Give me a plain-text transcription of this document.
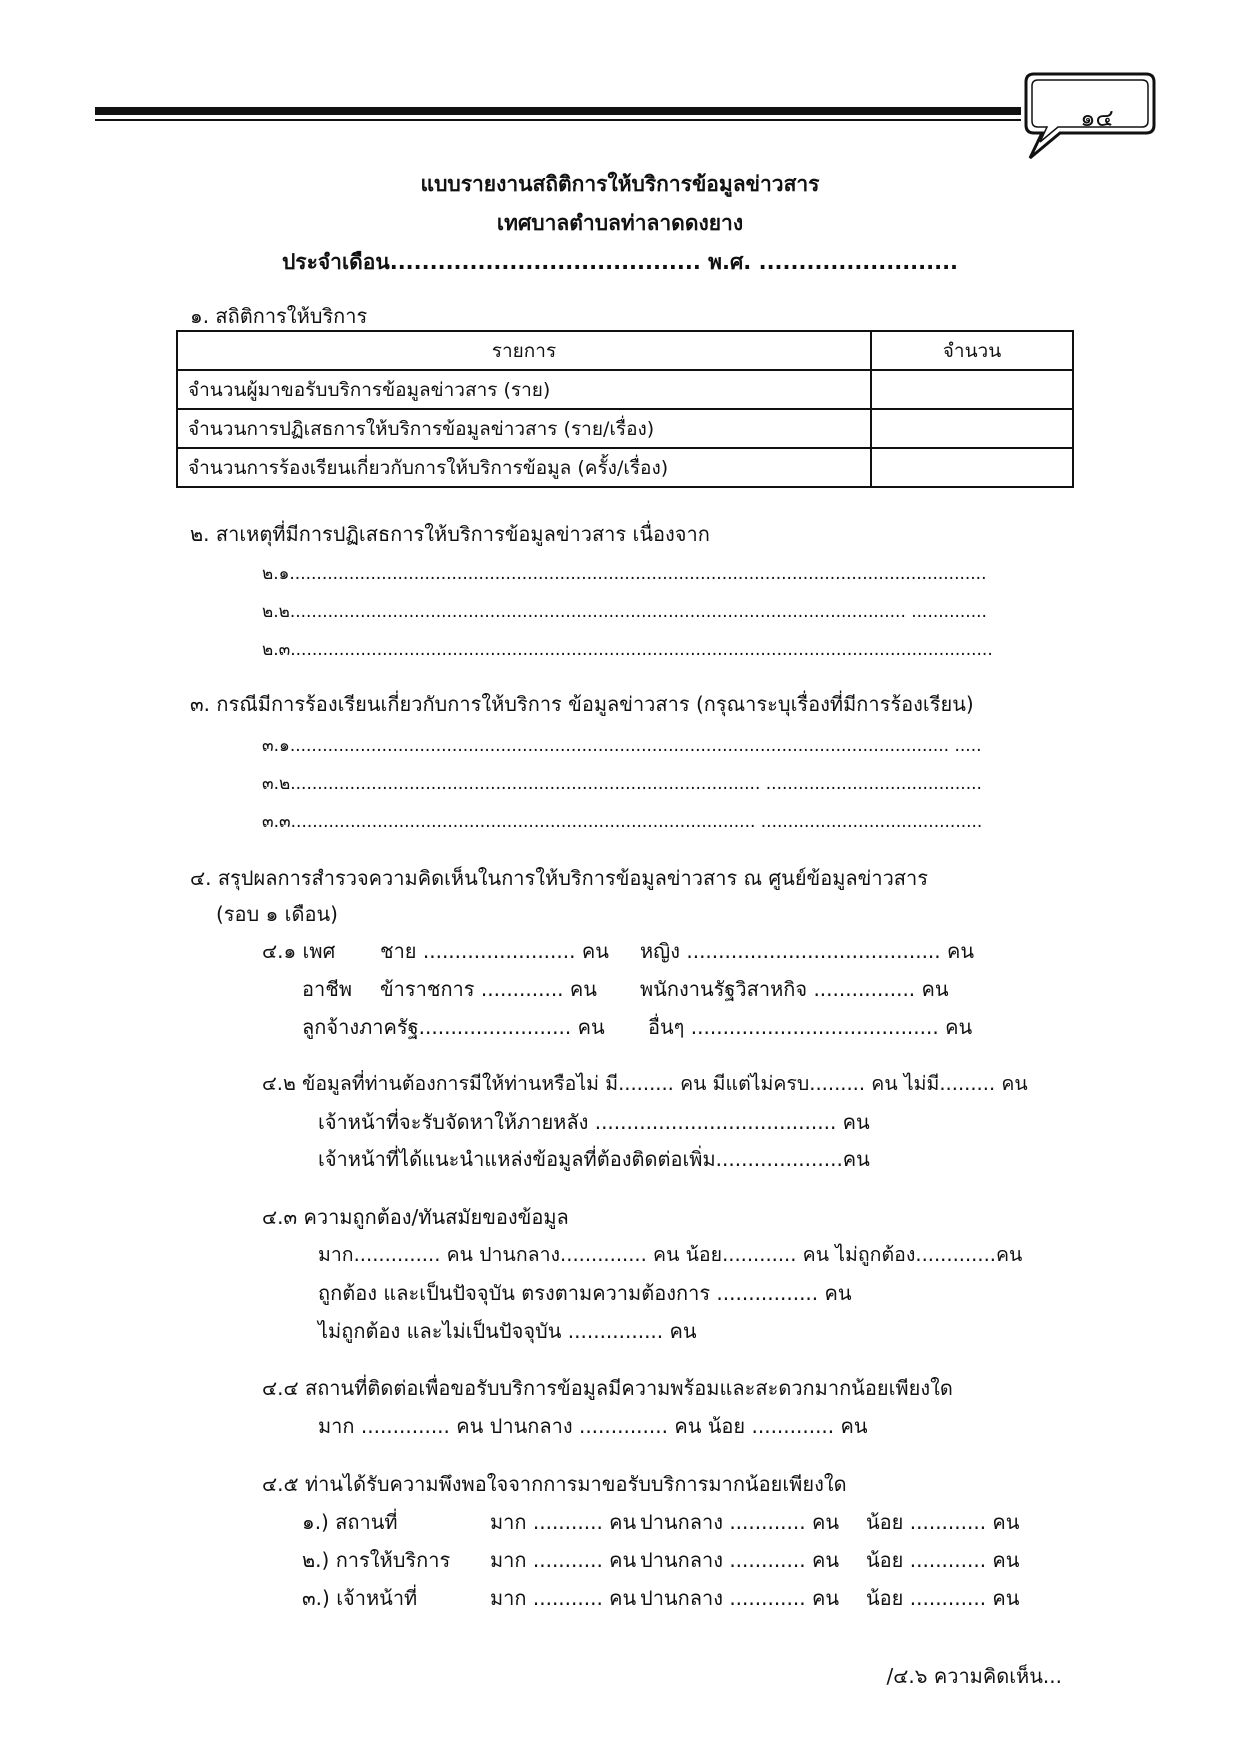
๑๔
แบบรายงานสถิติการให้บริการข้อมูลข่าวสาร
เทศบาลตำบลท่าลาดดงยาง
ประจำเดือน....................................... พ.ศ. .........................
๑. สถิติการให้บริการ
รายการ	จำนวน
จำนวนผู้มาขอรับบริการข้อมูลข่าวสาร (ราย)	
จำนวนการปฏิเสธการให้บริการข้อมูลข่าวสาร (ราย/เรื่อง)	
จำนวนการร้องเรียนเกี่ยวกับการให้บริการข้อมูล (ครั้ง/เรื่อง)	
๒. สาเหตุที่มีการปฏิเสธการให้บริการข้อมูลข่าวสาร เนื่องจาก
๒.๑.................................................................................................................................
๒.๒.................................................................................................................. ..............
๒.๓..................................................................................................................................
๓. กรณีมีการร้องเรียนเกี่ยวกับการให้บริการ ข้อมูลข่าวสาร (กรุณาระบุเรื่องที่มีการร้องเรียน)
๓.๑.......................................................................................................................... .....
๓.๒....................................................................................... ........................................
๓.๓...................................................................................... .........................................
๔. สรุปผลการสำรวจความคิดเห็นในการให้บริการข้อมูลข่าวสาร ณ ศูนย์ข้อมูลข่าวสาร
(รอบ ๑ เดือน)
๔.๑ เพศ ชาย ........................ คน หญิง ........................................ คน
อาชีพ ข้าราชการ ............. คน พนักงานรัฐวิสาหกิจ ................ คน
ลูกจ้างภาครัฐ........................ คน อื่นๆ ....................................... คน
๔.๒ ข้อมูลที่ท่านต้องการมีให้ท่านหรือไม่ มี......... คน มีแต่ไม่ครบ......... คน ไม่มี......... คน
เจ้าหน้าที่จะรับจัดหาให้ภายหลัง ...................................... คน
เจ้าหน้าที่ได้แนะนำแหล่งข้อมูลที่ต้องติดต่อเพิ่ม....................คน
๔.๓ ความถูกต้อง/ทันสมัยของข้อมูล
มาก.............. คน ปานกลาง.............. คน น้อย............ คน ไม่ถูกต้อง.............คน
ถูกต้อง และเป็นปัจจุบัน ตรงตามความต้องการ ................ คน
ไม่ถูกต้อง และไม่เป็นปัจจุบัน ............... คน
๔.๔ สถานที่ติดต่อเพื่อขอรับบริการข้อมูลมีความพร้อมและสะดวกมากน้อยเพียงใด
มาก .............. คน ปานกลาง .............. คน น้อย ............. คน
๔.๕ ท่านได้รับความพึงพอใจจากการมาขอรับบริการมากน้อยเพียงใด
๑.) สถานที่	มาก ........... คน ปานกลาง ............ คน น้อย ............ คน
๒.) การให้บริการ มาก ........... คน ปานกลาง ............ คน น้อย ............ คน
๓.) เจ้าหน้าที่	มาก ........... คน ปานกลาง ............ คน น้อย ............ คน
/๔.๖ ความคิดเห็น...
